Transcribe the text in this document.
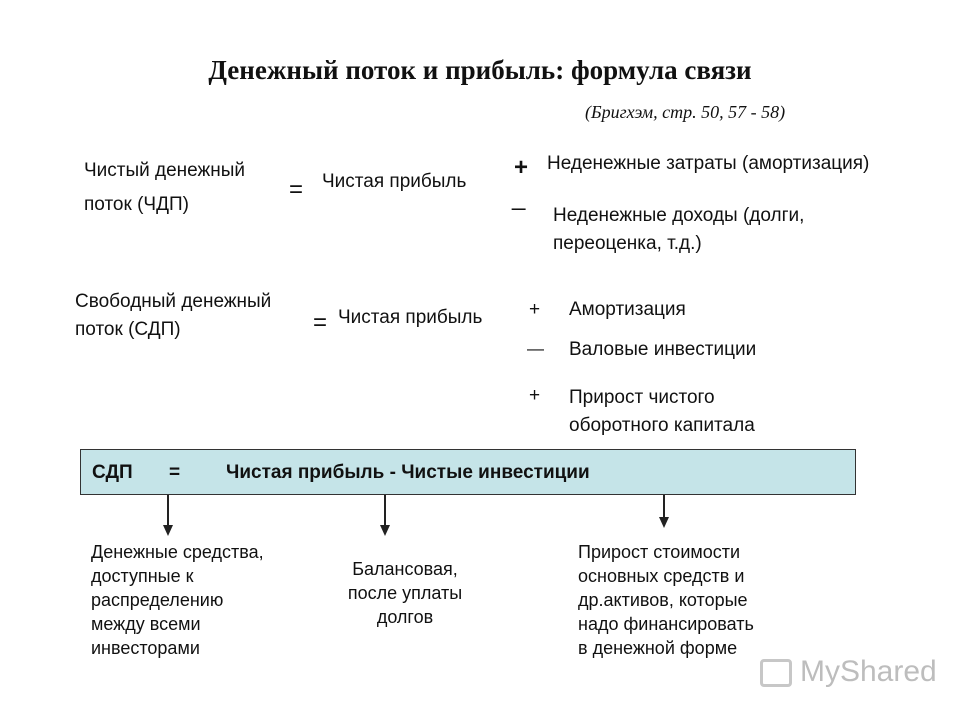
Денежный поток и прибыль: формула связи
(Бригхэм, стр. 50, 57 - 58)
Чистый денежный
поток (ЧДП)
= Чистая прибыль
+ Неденежные затраты (амортизация)
_
Неденежные доходы (долги,
переоценка, т.д.)
Свободный денежный
поток (СДП)	= Чистая прибыль + Амортизация
— Валовые инвестиции
+ Прирост чистого
оборотного капитала
СДП = Чистая прибыль - Чистые инвестиции
Денежные средства,
доступные к
распределению
между всеми
инвесторами
Балансовая,
после уплаты
долгов
Прирост стоимости
основных средств и
др.активов, которые
надо финансировать
в денежной форме
MyShared
